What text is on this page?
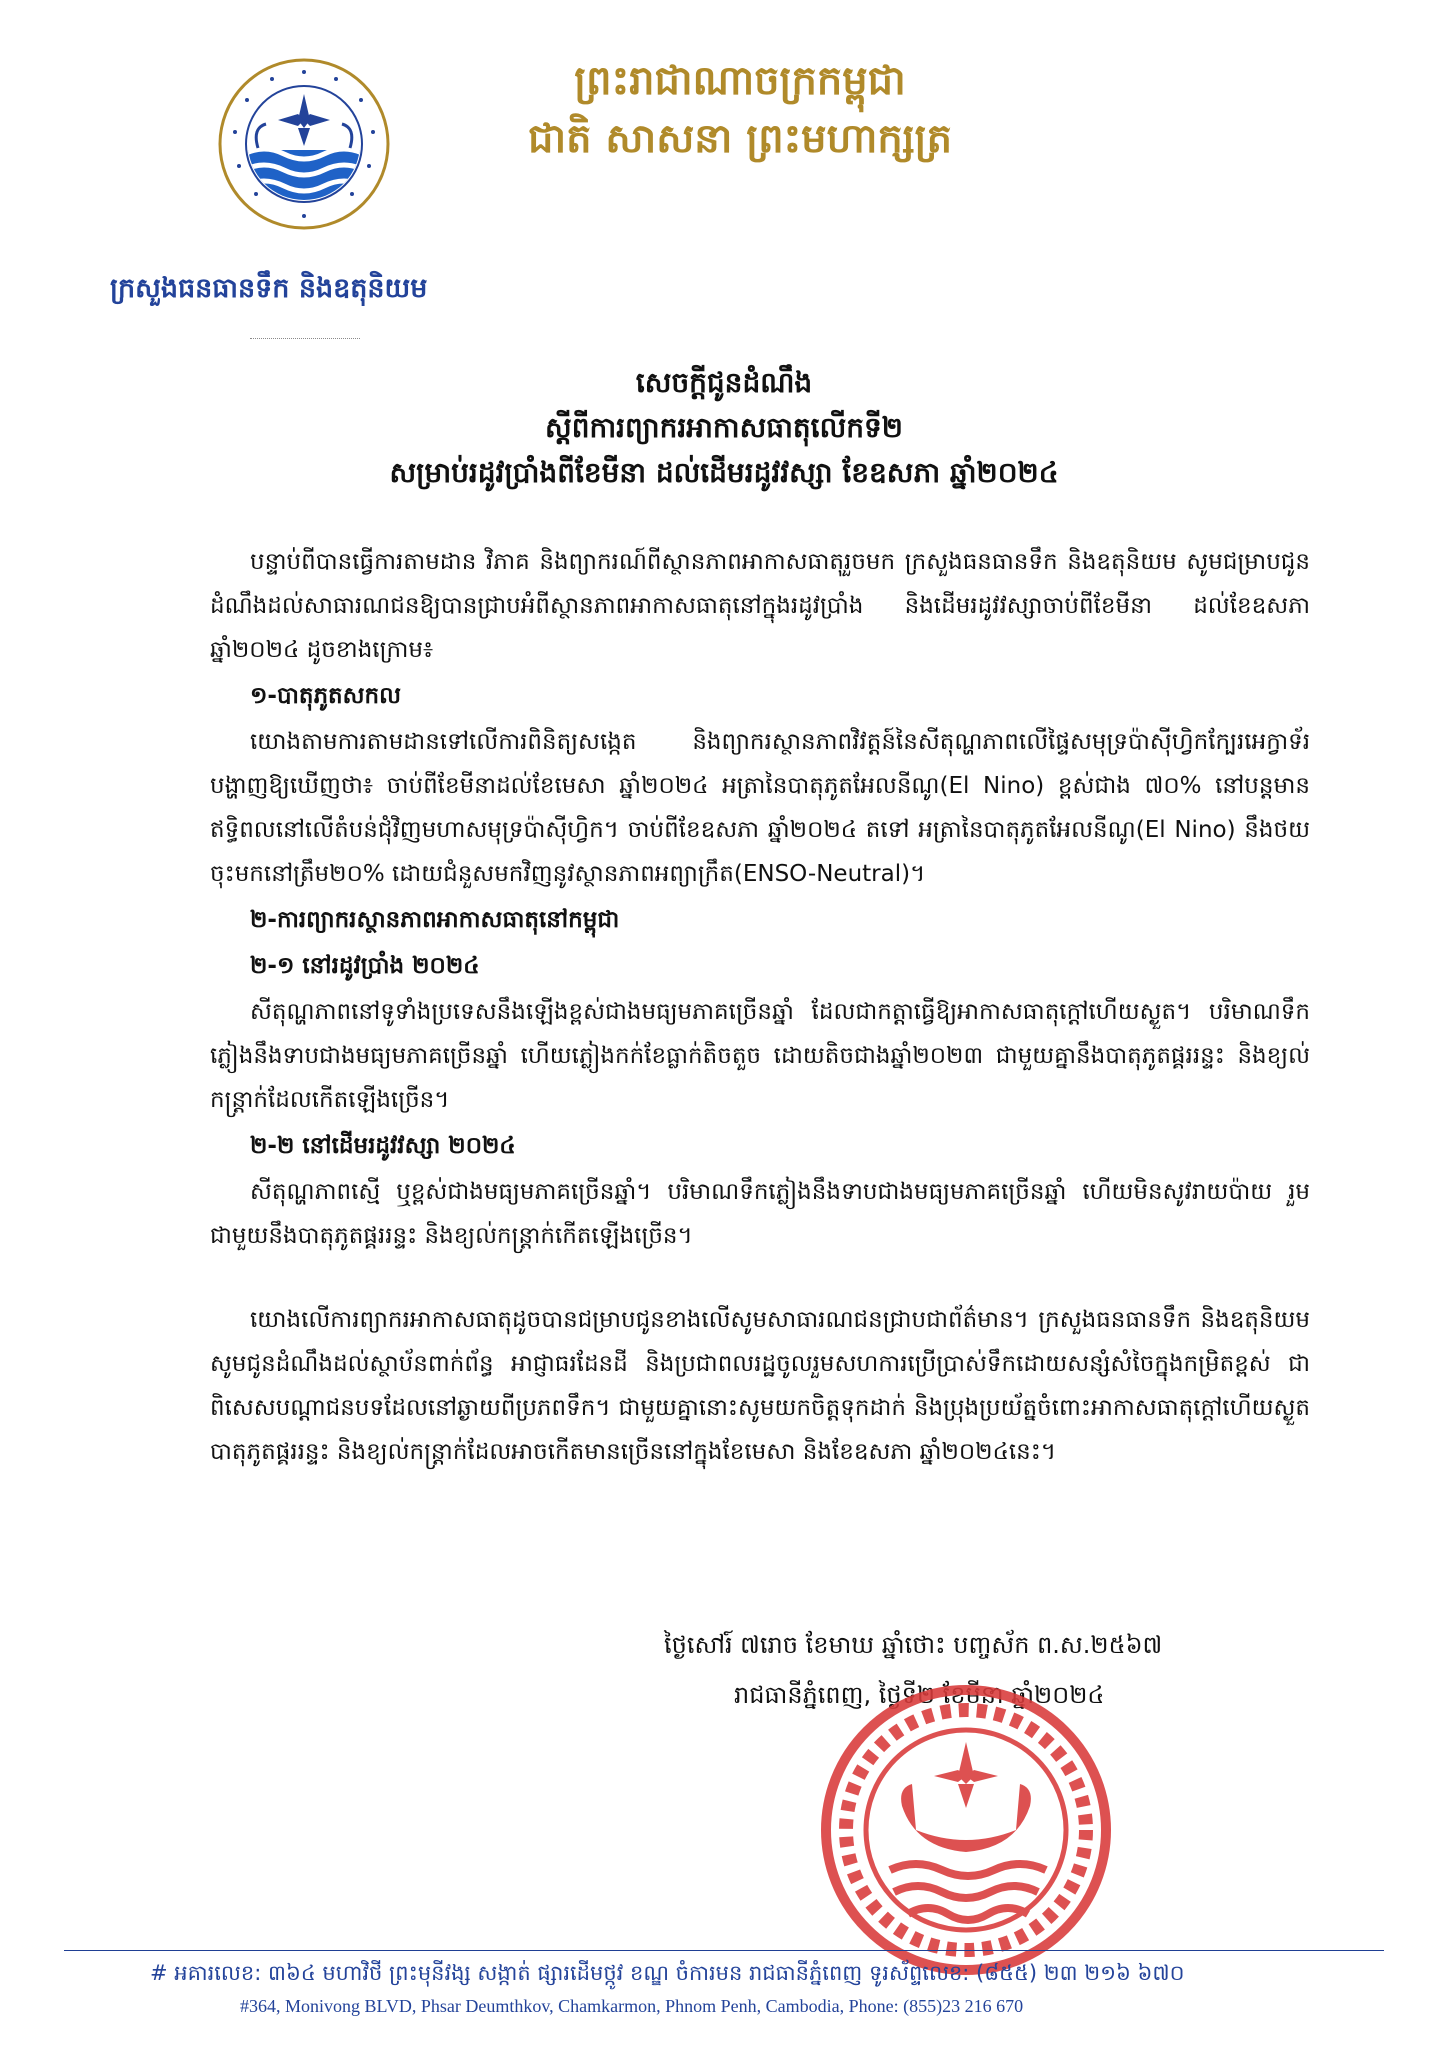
ក្រសួងធនធានទឹក និងឧតុនិយម
ព្រះរាជាណាចក្រកម្ពុជា
ជាតិ សាសនា ព្រះមហាក្សត្រ
សេចក្តីជូនដំណឹង
ស្តីពីការព្យាករអាកាសធាតុលើកទី២
សម្រាប់រដូវប្រាំងពីខែមីនា ដល់ដើមរដូវវស្សា ខែឧសភា ឆ្នាំ២០២៤

បន្ទាប់ពីបានធ្វើការតាមដាន វិភាគ និងព្យាករណ៍ពីស្ថានភាពអាកាសធាតុរួចមក ក្រសួងធនធានទឹក និងឧតុនិយម សូមជម្រាបជូនដំណឹងដល់សាធារណជនឱ្យបានជ្រាបអំពីស្ថានភាពអាកាសធាតុនៅក្នុងរដូវប្រាំង និងដើមរដូវវស្សាចាប់ពីខែមីនា ដល់ខែឧសភា ឆ្នាំ២០២៤ ដូចខាងក្រោម៖

១-បាតុភូតសកល

យោងតាមការតាមដានទៅលើការពិនិត្យសង្កេត និងព្យាករស្ថានភាពវិវត្តន៍នៃសីតុណ្ហភាពលើផ្ទៃសមុទ្រប៉ាស៊ីហ្វិកក្បែរអេក្វាទ័របង្ហាញឱ្យឃើញថា៖ ចាប់ពីខែមីនាដល់ខែមេសា ឆ្នាំ២០២៤ អត្រានៃបាតុភូតអែលនីណូ(El Nino) ខ្ពស់ជាង ៧០% នៅបន្តមានឥទ្ធិពលនៅលើតំបន់ជុំវិញមហាសមុទ្រប៉ាស៊ីហ្វិក។ ចាប់ពីខែឧសភា ឆ្នាំ២០២៤ តទៅ អត្រានៃបាតុភូតអែលនីណូ(El Nino) នឹងថយចុះមកនៅត្រឹម២០% ដោយជំនួសមកវិញនូវស្ថានភាពអព្យាក្រឹត(ENSO-Neutral)។

២-ការព្យាករស្ថានភាពអាកាសធាតុនៅកម្ពុជា

២-១ នៅរដូវប្រាំង ២០២៤

សីតុណ្ហភាពនៅទូទាំងប្រទេសនឹងឡើងខ្ពស់ជាងមធ្យមភាគច្រើនឆ្នាំ ដែលជាកត្តាធ្វើឱ្យអាកាសធាតុក្តៅហើយស្ងួត។ បរិមាណទឹកភ្លៀងនឹងទាបជាងមធ្យមភាគច្រើនឆ្នាំ ហើយភ្លៀងកក់ខែធ្លាក់តិចតួច ដោយតិចជាងឆ្នាំ២០២៣ ជាមួយគ្នានឹងបាតុភូតផ្គររន្ទះ និងខ្យល់កន្ត្រាក់ដែលកើតឡើងច្រើន។

២-២ នៅដើមរដូវវស្សា ២០២៤

សីតុណ្ហភាពស្មើ ឬខ្ពស់ជាងមធ្យមភាគច្រើនឆ្នាំ។ បរិមាណទឹកភ្លៀងនឹងទាបជាងមធ្យមភាគច្រើនឆ្នាំ ហើយមិនសូវរាយប៉ាយ រួមជាមួយនឹងបាតុភូតផ្គររន្ទះ និងខ្យល់កន្ត្រាក់កើតឡើងច្រើន។

យោងលើការព្យាករអាកាសធាតុដូចបានជម្រាបជូនខាងលើសូមសាធារណជនជ្រាបជាព័ត៌មាន។ ក្រសួងធនធានទឹក និងឧតុនិយម សូមជូនដំណឹងដល់ស្ថាប័នពាក់ព័ន្ធ អាជ្ញាធរដែនដី និងប្រជាពលរដ្ឋចូលរួមសហការប្រើប្រាស់ទឹកដោយសន្សំសំចៃក្នុងកម្រិតខ្ពស់ ជាពិសេសបណ្តាជនបទដែលនៅឆ្ងាយពីប្រភពទឹក។ ជាមួយគ្នានោះសូមយកចិត្តទុកដាក់ និងប្រុងប្រយ័ត្នចំពោះអាកាសធាតុក្តៅហើយស្ងួត បាតុភូតផ្គររន្ទះ និងខ្យល់កន្ត្រាក់ដែលអាចកើតមានច្រើននៅក្នុងខែមេសា និងខែឧសភា ឆ្នាំ២០២៤នេះ។

ថ្ងៃសៅរ៍ ៧រោច ខែមាឃ ឆ្នាំថោះ បញ្ចស័ក ព.ស.២៥៦៧
រាជធានីភ្នំពេញ, ថ្ងៃទី២ ខែមីនា ឆ្នាំ២០២៤
# អគារលេខ: ៣៦៤ មហាវិថី ព្រះមុនីវង្ស សង្កាត់ ផ្សារដើមថ្កូវ ខណ្ឌ ចំការមន រាជធានីភ្នំពេញ ទូរស័ព្ទលេខ: (៨៥៥) ២៣ ២១៦ ៦៧០
#364, Monivong BLVD, Phsar Deumthkov, Chamkarmon, Phnom Penh, Cambodia, Phone: (855)23 216 670
